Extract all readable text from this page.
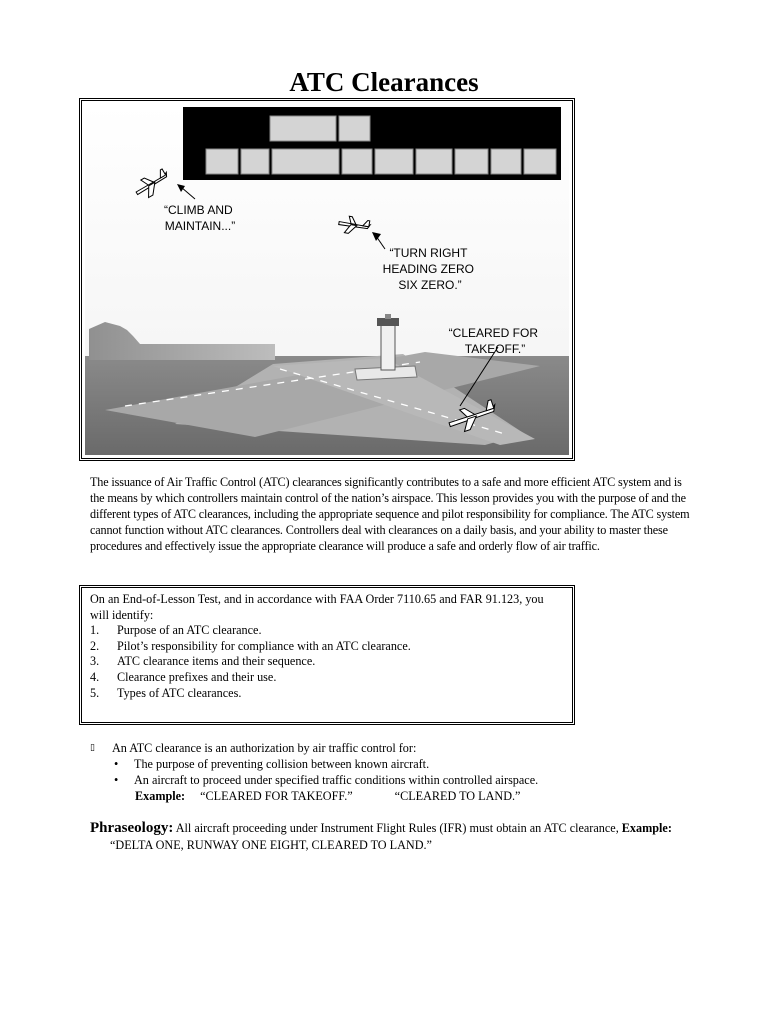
ATC Clearances
“CLIMB AND MAINTAIN...”
“TURN RIGHT HEADING ZERO SIX ZERO.”
“CLEARED FOR TAKEOFF.”

The issuance of Air Traffic Control (ATC) clearances significantly contributes to a safe and more efficient ATC system and is the means by which controllers maintain control of the nation’s airspace. This lesson provides you with the purpose of and the different types of ATC clearances, including the appropriate sequence and pilot responsibility for compliance. The ATC system cannot function without ATC clearances. Controllers deal with clearances on a daily basis, and your ability to master these procedures and effectively issue the appropriate clearance will produce a safe and orderly flow of air traffic.

On an End-of-Lesson Test, and in accordance with FAA Order 7110.65 and FAR 91.123, you will identify:
1.	Purpose of an ATC clearance.
2.	Pilot’s responsibility for compliance with an ATC clearance.
3.	ATC clearance items and their sequence.
4.	Clearance prefixes and their use.
5.	Types of ATC clearances.
▯	An ATC clearance is an authorization by air traffic control for:
•	The purpose of preventing collision between known aircraft.
•	An aircraft to proceed under specified traffic conditions within controlled airspace.
Example: “CLEARED FOR TAKEOFF.”	“CLEARED TO LAND.”
Phraseology: All aircraft proceeding under Instrument Flight Rules (IFR) must obtain an ATC clearance, Example:“DELTA ONE, RUNWAY ONE EIGHT, CLEARED TO LAND.”
